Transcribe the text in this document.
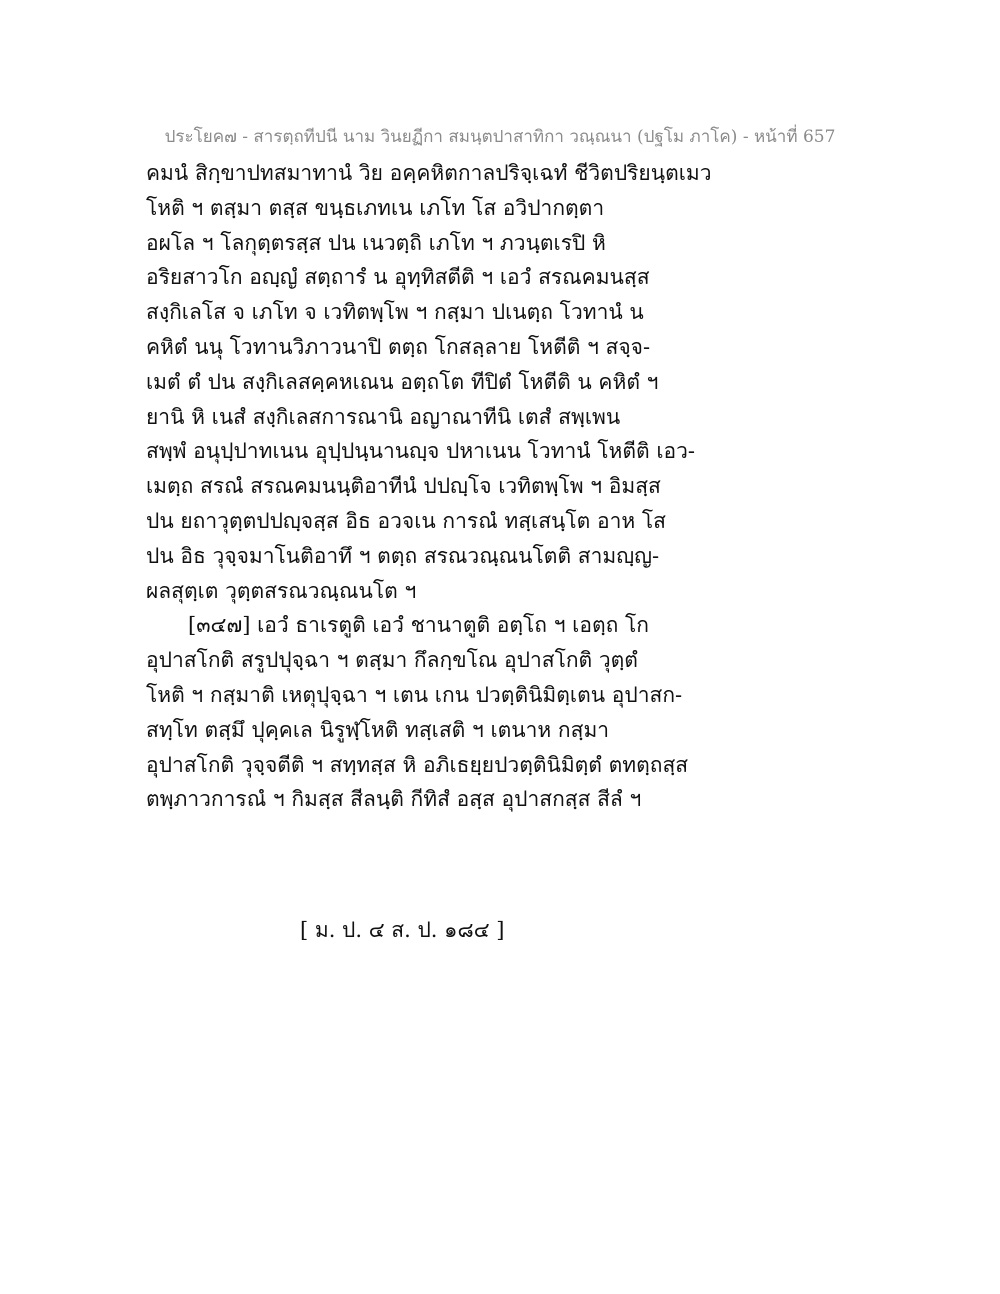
ประโยค๗ - สารตฺถทีปนี นาม วินยฏีกา สมนฺตปาสาทิกา วณฺณนา (ปฐโม ภาโค) - หน้าที่ 657
คมนํ สิกฺขาปทสมาทานํ วิย อคฺคหิตกาลปริจฺเฉทํ ชีวิตปริยนฺตเมว
โหติ ฯ ตสฺมา ตสฺส ขนฺธเภทเน เภโท โส อวิปากตฺตา
อผโล ฯ โลกุตฺตรสฺส ปน เนวตฺถิ เภโท ฯ ภวนฺตเรปิ หิ
อริยสาวโก อญฺญํ สตฺถารํ น อุทฺทิสตีติ ฯ เอวํ สรณคมนสฺส
สงฺกิเลโส จ เภโท จ เวทิตพฺโพ ฯ กสฺมา ปเนตฺถ โวทานํ น
คหิตํ นนุ โวทานวิภาวนาปิ ตตฺถ โกสลฺลาย โหตีติ ฯ สจฺจ-
เมตํ ตํ ปน สงฺกิเลสคฺคหเณน อตฺถโต ทีปิตํ โหตีติ น คหิตํ ฯ
ยานิ หิ เนสํ สงฺกิเลสการณานิ อญาณาทีนิ เตสํ สพฺเพน
สพฺพํ อนุปฺปาทเนน อุปฺปนฺนานญฺจ ปหาเนน โวทานํ โหตีติ เอว-
เมตฺถ สรณํ สรณคมนนฺติอาทีนํ ปปญฺโจ เวทิตพฺโพ ฯ อิมสฺส
ปน ยถาวุตฺตปปญฺจสฺส อิธ อวจเน การณํ ทสฺเสนฺโต อาห โส
ปน อิธ วุจฺจมาโนติอาทึ ฯ ตตฺถ สรณวณฺณนโตติ สามญฺญ-
ผลสุตฺเต วุตฺตสรณวณฺณนโต ฯ
[๓๔๗] เอวํ ธาเรตูติ เอวํ ชานาตูติ อตฺโถ ฯ เอตฺถ โก
อุปาสโกติ สรูปปุจฺฉา ฯ ตสฺมา กึลกฺขโณ อุปาสโกติ วุตฺตํ
โหติ ฯ กสฺมาติ เหตุปุจฺฉา ฯ เตน เกน ปวตฺตินิมิตฺเตน อุปาสก-
สทฺโท ตสฺมึ ปุคฺคเล นิรูฬฺโหติ ทสฺเสติ ฯ เตนาห กสฺมา
อุปาสโกติ วุจฺจตีติ ฯ สทฺทสฺส หิ อภิเธยฺยปวตฺตินิมิตฺตํ ตทตฺถสฺส
ตพฺภาวการณํ ฯ กิมสฺส สีลนฺติ กีทิสํ อสฺส อุปาสกสฺส สีลํ ฯ
[ ม. ป. ๔ ส. ป. ๑๘๔ ]
